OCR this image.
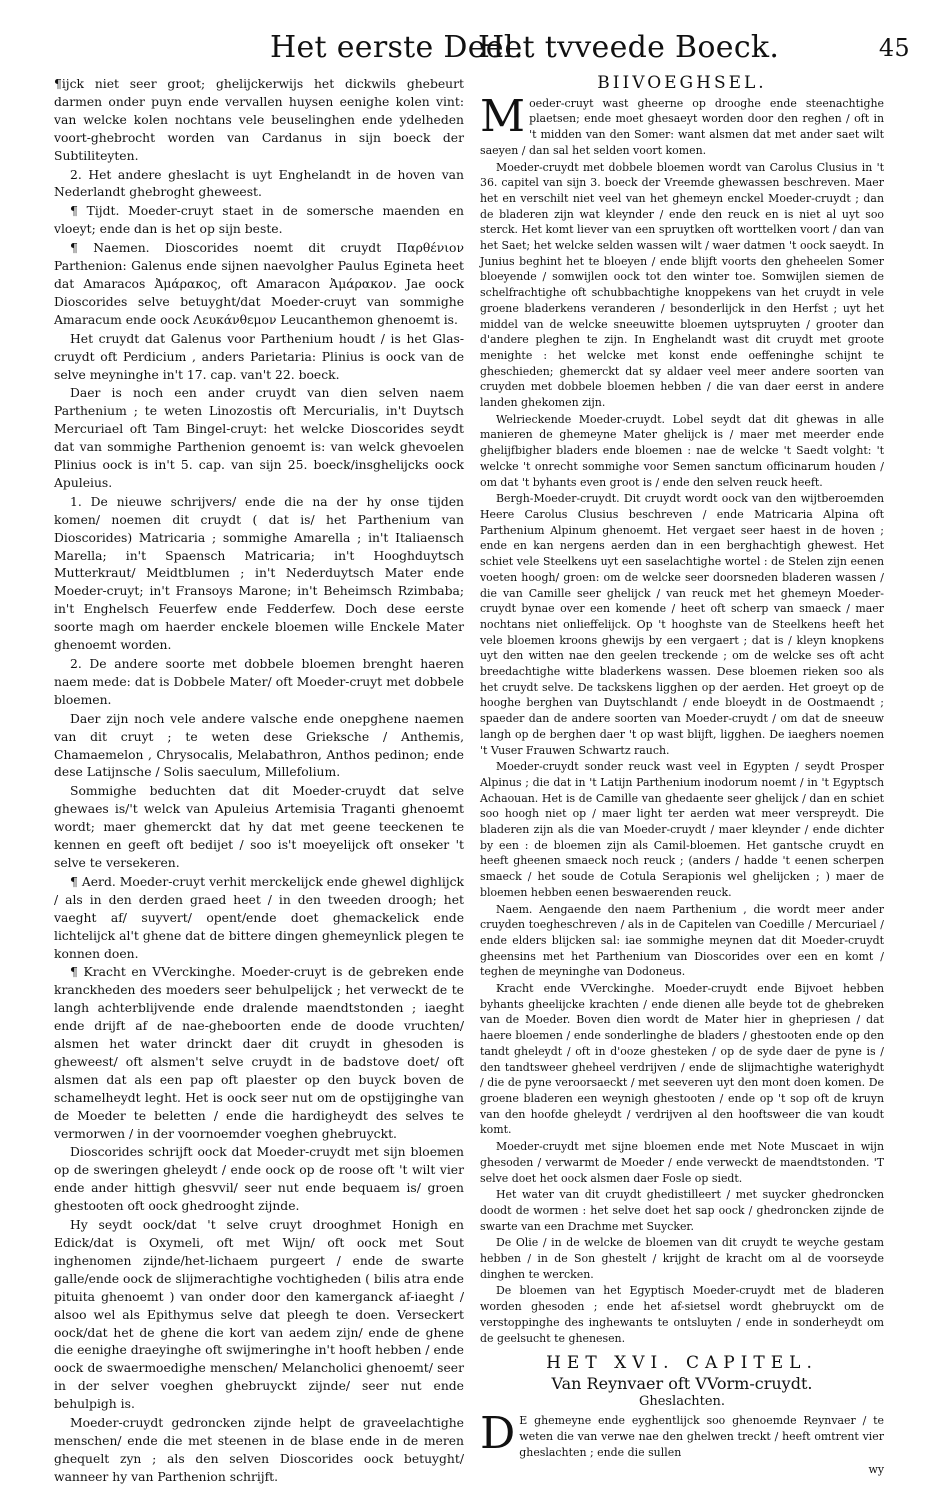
Het eerste Deel.
Het tvveede Boeck.	45

¶ijck niet seer groot; ghelijckerwijs het dickwils ghebeurt darmen onder puyn ende vervallen huysen eenighe kolen vint: van welcke kolen nochtans vele beuselinghen ende ydelheden voort-ghebrocht worden van Cardanus in sijn boeck der Subtiliteyten.

2. Het andere gheslacht is uyt Enghelandt in de hoven van Nederlandt ghebroght gheweest.

¶ Tijdt. Moeder-cruyt staet in de somersche maenden en vloeyt; ende dan is het op sijn beste.

¶ Naemen. Dioscorides noemt dit cruydt Παρθένιον Parthenion: Galenus ende sijnen naevolgher Paulus Egineta heet dat Amaracos Ἀμάρακος, oft Amaracon Ἀμάρακον. Jae oock Dioscorides selve betuyght/dat Moeder-cruyt van sommighe Amaracum ende oock Λευκάνθεμον Leucanthemon ghenoemt is.

Het cruydt dat Galenus voor Parthenium houdt / is het Glas-cruydt oft Perdicium , anders Parietaria: Plinius is oock van de selve meyninghe in't 17. cap. van't 22. boeck.

Daer is noch een ander cruydt van dien selven naem Parthenium ; te weten Linozostis oft Mercurialis, in't Duytsch Mercuriael oft Tam Bingel-cruyt: het welcke Dioscorides seydt dat van sommighe Parthenion genoemt is: van welck ghevoelen Plinius oock is in't 5. cap. van sijn 25. boeck/insghelijcks oock Apuleius.

1. De nieuwe schrijvers/ ende die na der hy onse tijden komen/ noemen dit cruydt ( dat is/ het Parthenium van Dioscorides) Matricaria ; sommighe Amarella ; in't Italiaensch Marella; in't Spaensch Matricaria; in't Hooghduytsch Mutterkraut/ Meidtblumen ; in't Nederduytsch Mater ende Moeder-cruyt; in't Fransoys Marone; in't Beheimsch Rzimbaba; in't Enghelsch Feuerfew ende Fedderfew. Doch dese eerste soorte magh om haerder enckele bloemen wille Enckele Mater ghenoemt worden.

2. De andere soorte met dobbele bloemen brenght haeren naem mede: dat is Dobbele Mater/ oft Moeder-cruyt met dobbele bloemen.

Daer zijn noch vele andere valsche ende onepghene naemen van dit cruyt ; te weten dese Grieksche / Anthemis, Chamaemelon , Chrysocalis, Melabathron, Anthos pedinon; ende dese Latijnsche / Solis saeculum, Millefolium.

Sommighe beduchten dat dit Moeder-cruydt dat selve ghewaes is/'t welck van Apuleius Artemisia Traganti ghenoemt wordt; maer ghemerckt dat hy dat met geene teeckenen te kennen en geeft oft bedijet / soo is't moeyelijck oft onseker 't selve te versekeren.

¶ Aerd. Moeder-cruyt verhit merckelijck ende ghewel dighlijck / als in den derden graed heet / in den tweeden droogh; het vaeght af/ suyvert/ opent/ende doet ghemackelick ende lichtelijck al't ghene dat de bittere dingen ghemeynlick plegen te konnen doen.

¶ Kracht en VVerckinghe. Moeder-cruyt is de gebreken ende kranckheden des moeders seer behulpelijck ; het verweckt de te langh achterblijvende ende dralende maendtstonden ; iaeght ende drijft af de nae-gheboorten ende de doode vruchten/ alsmen het water drinckt daer dit cruydt in ghesoden is gheweest/ oft alsmen't selve cruydt in de badstove doet/ oft alsmen dat als een pap oft plaester op den buyck boven de schamelheydt leght. Het is oock seer nut om de opstijginghe van de Moeder te beletten / ende die hardigheydt des selves te vermorwen / in der voornoemder voeghen ghebruyckt.

Dioscorides schrijft oock dat Moeder-cruydt met sijn bloemen op de sweringen gheleydt / ende oock op de roose oft 't wilt vier ende ander hittigh ghesvvil/ seer nut ende bequaem is/ groen ghestooten oft oock ghedrooght zijnde.

Hy seydt oock/dat 't selve cruyt drooghmet Honigh en Edick/dat is Oxymeli, oft met Wijn/ oft oock met Sout inghenomen zijnde/het-lichaem purgeert / ende de swarte galle/ende oock de slijmerachtighe vochtigheden ( bilis atra ende pituita ghenoemt ) van onder door den kamerganck af-iaeght / alsoo wel als Epithymus selve dat pleegh te doen. Verseckert oock/dat het de ghene die kort van aedem zijn/ ende de ghene die eenighe draeyinghe oft swijmeringhe in't hooft hebben / ende oock de swaermoedighe menschen/ Melancholici ghenoemt/ seer in der selver voeghen ghebruyckt zijnde/ seer nut ende behulpigh is.

Moeder-cruydt gedroncken zijnde helpt de graveelachtighe menschen/ ende die met steenen in de blase ende in de meren ghequelt zyn ; als den selven Dioscorides oock betuyght/ wanneer hy van Parthenion schrijft.

BIIVOEGHSEL.

Moeder-cruyt wast gheerne op drooghe ende steenachtighe plaetsen; ende moet ghesaeyt worden door den reghen / oft in 't midden van den Somer: want alsmen dat met ander saet wilt saeyen / dan sal het selden voort komen.

Moeder-cruydt met dobbele bloemen wordt van Carolus Clusius in 't 36. capitel van sijn 3. boeck der Vreemde ghewassen beschreven. Maer het en verschilt niet veel van het ghemeyn enckel Moeder-cruydt ; dan de bladeren zijn wat kleynder / ende den reuck en is niet al uyt soo sterck. Het komt liever van een spruytken oft worttelken voort / dan van het Saet; het welcke selden wassen wilt / waer datmen 't oock saeydt. In Junius beghint het te bloeyen / ende blijft voorts den gheheelen Somer bloeyende / somwijlen oock tot den winter toe. Somwijlen siemen de schelfrachtighe oft schubbachtighe knoppekens van het cruydt in vele groene bladerkens veranderen / besonderlijck in den Herfst ; uyt het middel van de welcke sneeuwitte bloemen uytspruyten / grooter dan d'andere pleghen te zijn. In Enghelandt wast dit cruydt met groote menighte : het welcke met konst ende oeffeninghe schijnt te gheschieden; ghemerckt dat sy aldaer veel meer andere soorten van cruyden met dobbele bloemen hebben / die van daer eerst in andere landen ghekomen zijn.

Welrieckende Moeder-cruydt. Lobel seydt dat dit ghewas in alle manieren de ghemeyne Mater ghelijck is / maer met meerder ende ghelijfbigher bladers ende bloemen : nae de welcke 't Saedt volght: 't welcke 't onrecht sommighe voor Semen sanctum officinarum houden / om dat 't byhants even groot is / ende den selven reuck heeft.

Bergh-Moeder-cruydt. Dit cruydt wordt oock van den wijtberoemden Heere Carolus Clusius beschreven / ende Matricaria Alpina oft Parthenium Alpinum ghenoemt. Het vergaet seer haest in de hoven ; ende en kan nergens aerden dan in een berghachtigh ghewest. Het schiet vele Steelkens uyt een saselachtighe wortel : de Stelen zijn eenen voeten hoogh/ groen: om de welcke seer doorsneden bladeren wassen / die van Camille seer ghelijck / van reuck met het ghemeyn Moeder-cruydt bynae over een komende / heet oft scherp van smaeck / maer nochtans niet onlieffelijck. Op 't hooghste van de Steelkens heeft het vele bloemen kroons ghewijs by een vergaert ; dat is / kleyn knopkens uyt den witten nae den geelen treckende ; om de welcke ses oft acht breedachtighe witte bladerkens wassen. Dese bloemen rieken soo als het cruydt selve. De tackskens ligghen op der aerden. Het groeyt op de hooghe berghen van Duytschlandt / ende bloeydt in de Oostmaendt ; spaeder dan de andere soorten van Moeder-cruydt / om dat de sneeuw langh op de berghen daer 't op wast blijft, ligghen. De iaeghers noemen 't Vuser Frauwen Schwartz rauch.

Moeder-cruydt sonder reuck wast veel in Egypten / seydt Prosper Alpinus ; die dat in 't Latijn Parthenium inodorum noemt / in 't Egyptsch Achaouan. Het is de Camille van ghedaente seer ghelijck / dan en schiet soo hoogh niet op / maer light ter aerden wat meer verspreydt. Die bladeren zijn als die van Moeder-cruydt / maer kleynder / ende dichter by een : de bloemen zijn als Camil-bloemen. Het gantsche cruydt en heeft gheenen smaeck noch reuck ; (anders / hadde 't eenen scherpen smaeck / het soude de Cotula Serapionis wel ghelijcken ; ) maer de bloemen hebben eenen beswaerenden reuck.

Naem. Aengaende den naem Parthenium , die wordt meer ander cruyden toegheschreven / als in de Capitelen van Coedille / Mercuriael / ende elders blijcken sal: iae sommighe meynen dat dit Moeder-cruydt gheensins met het Parthenium van Dioscorides over een en komt / teghen de meyninghe van Dodoneus.

Kracht ende VVerckinghe. Moeder-cruydt ende Bijvoet hebben byhants gheelijcke krachten / ende dienen alle beyde tot de ghebreken van de Moeder. Boven dien wordt de Mater hier in ghepriesen / dat haere bloemen / ende sonderlinghe de bladers / ghestooten ende op den tandt gheleydt / oft in d'ooze ghesteken / op de syde daer de pyne is / den tandtsweer gheheel verdrijven / ende de slijmachtighe waterighydt / die de pyne veroorsaeckt / met seeveren uyt den mont doen komen. De groene bladeren een weynigh ghestooten / ende op 't sop oft de kruyn van den hoofde gheleydt / verdrijven al den hooftsweer die van koudt komt.

Moeder-cruydt met sijne bloemen ende met Note Muscaet in wijn ghesoden / verwarmt de Moeder / ende verweckt de maendtstonden. 'T selve doet het oock alsmen daer Fosle op siedt.

Het water van dit cruydt ghedistilleert / met suycker ghedroncken doodt de wormen : het selve doet het sap oock / ghedroncken zijnde de swarte van een Drachme met Suycker.

De Olie / in de welcke de bloemen van dit cruydt te weyche gestam hebben / in de Son ghestelt / krijght de kracht om al de voorseyde dinghen te wercken.

De bloemen van het Egyptisch Moeder-cruydt met de bladeren worden ghesoden ; ende het af-sietsel wordt ghebruyckt om de verstoppinghe des inghewants te ontsluyten / ende in sonderheydt om de geelsucht te ghenesen.

HET XVI. CAPITEL.
Van Reynvaer oft VVorm-cruydt.
Gheslachten.

D E ghemeyne ende eyghentlijck soo ghenoemde Reynvaer / te weten die van verwe nae den ghelwen treckt / heeft omtrent vier gheslachten ; ende die sullen

wy
